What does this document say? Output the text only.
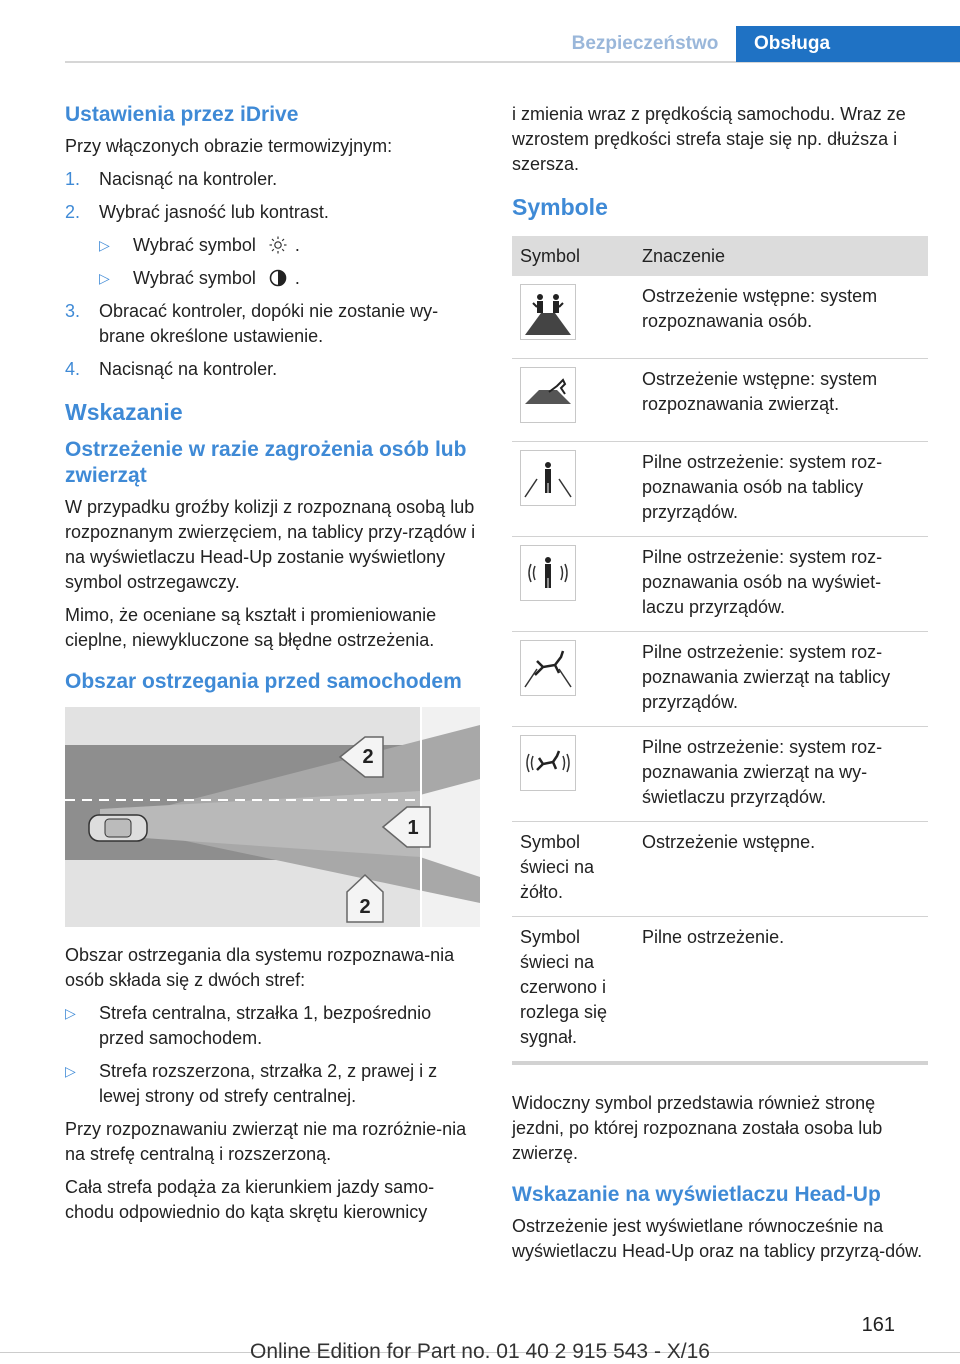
Bezpieczeństwo	Obsługa
Ustawienia przez iDrive

Przy włączonych obrazie termowizyjnym:

1.	Nacisnąć na kontroler.
2.	Wybrać jasność lub kontrast.
▷	Wybrać symbol .
▷	Wybrać symbol .
3.	Obracać kontroler, dopóki nie zostanie wy-brane określone ustawienie.
4.	Nacisnąć na kontroler.
Wskazanie
Ostrzeżenie w razie zagrożenia osób lub zwierząt

W przypadku groźby kolizji z rozpoznaną osobą lub rozpoznanym zwierzęciem, na tablicy przy-rządów i na wyświetlaczu Head-Up zostanie wyświetlony symbol ostrzegawczy.

Mimo, że oceniane są kształt i promieniowanie cieplne, niewykluczone są błędne ostrzeżenia.

Obszar ostrzegania przed samochodem
2
1
2

Obszar ostrzegania dla systemu rozpoznawa-nia osób składa się z dwóch stref:

▷	Strefa centralna, strzałka 1, bezpośrednio przed samochodem.
▷	Strefa rozszerzona, strzałka 2, z prawej i z lewej strony od strefy centralnej.

Przy rozpoznawaniu zwierząt nie ma rozróżnie-nia na strefę centralną i rozszerzoną.

Cała strefa podąża za kierunkiem jazdy samo-chodu odpowiednio do kąta skrętu kierownicy

i zmienia wraz z prędkością samochodu. Wraz ze wzrostem prędkości strefa staje się np. dłuższa i szersza.

Symbole
Symbol	Znaczenie
	Ostrzeżenie wstępne: system rozpoznawania osób.
	Ostrzeżenie wstępne: system rozpoznawania zwierząt.
	Pilne ostrzeżenie: system roz-poznawania osób na tablicy przyrządów.
	Pilne ostrzeżenie: system roz-poznawania osób na wyświet-laczu przyrządów.
	Pilne ostrzeżenie: system roz-poznawania zwierząt na tablicy przyrządów.
	Pilne ostrzeżenie: system roz-poznawania zwierząt na wy-świetlaczu przyrządów.
Symbol świeci na żółto.	Ostrzeżenie wstępne.
Symbol świeci na czerwono i rozlega się sygnał.	Pilne ostrzeżenie.

Widoczny symbol przedstawia również stronę jezdni, po której rozpoznana została osoba lub zwierzę.

Wskazanie na wyświetlaczu Head-Up

Ostrzeżenie jest wyświetlane równocześnie na wyświetlaczu Head-Up oraz na tablicy przyrzą-dów.

161
Online Edition for Part no. 01 40 2 915 543 - X/16
